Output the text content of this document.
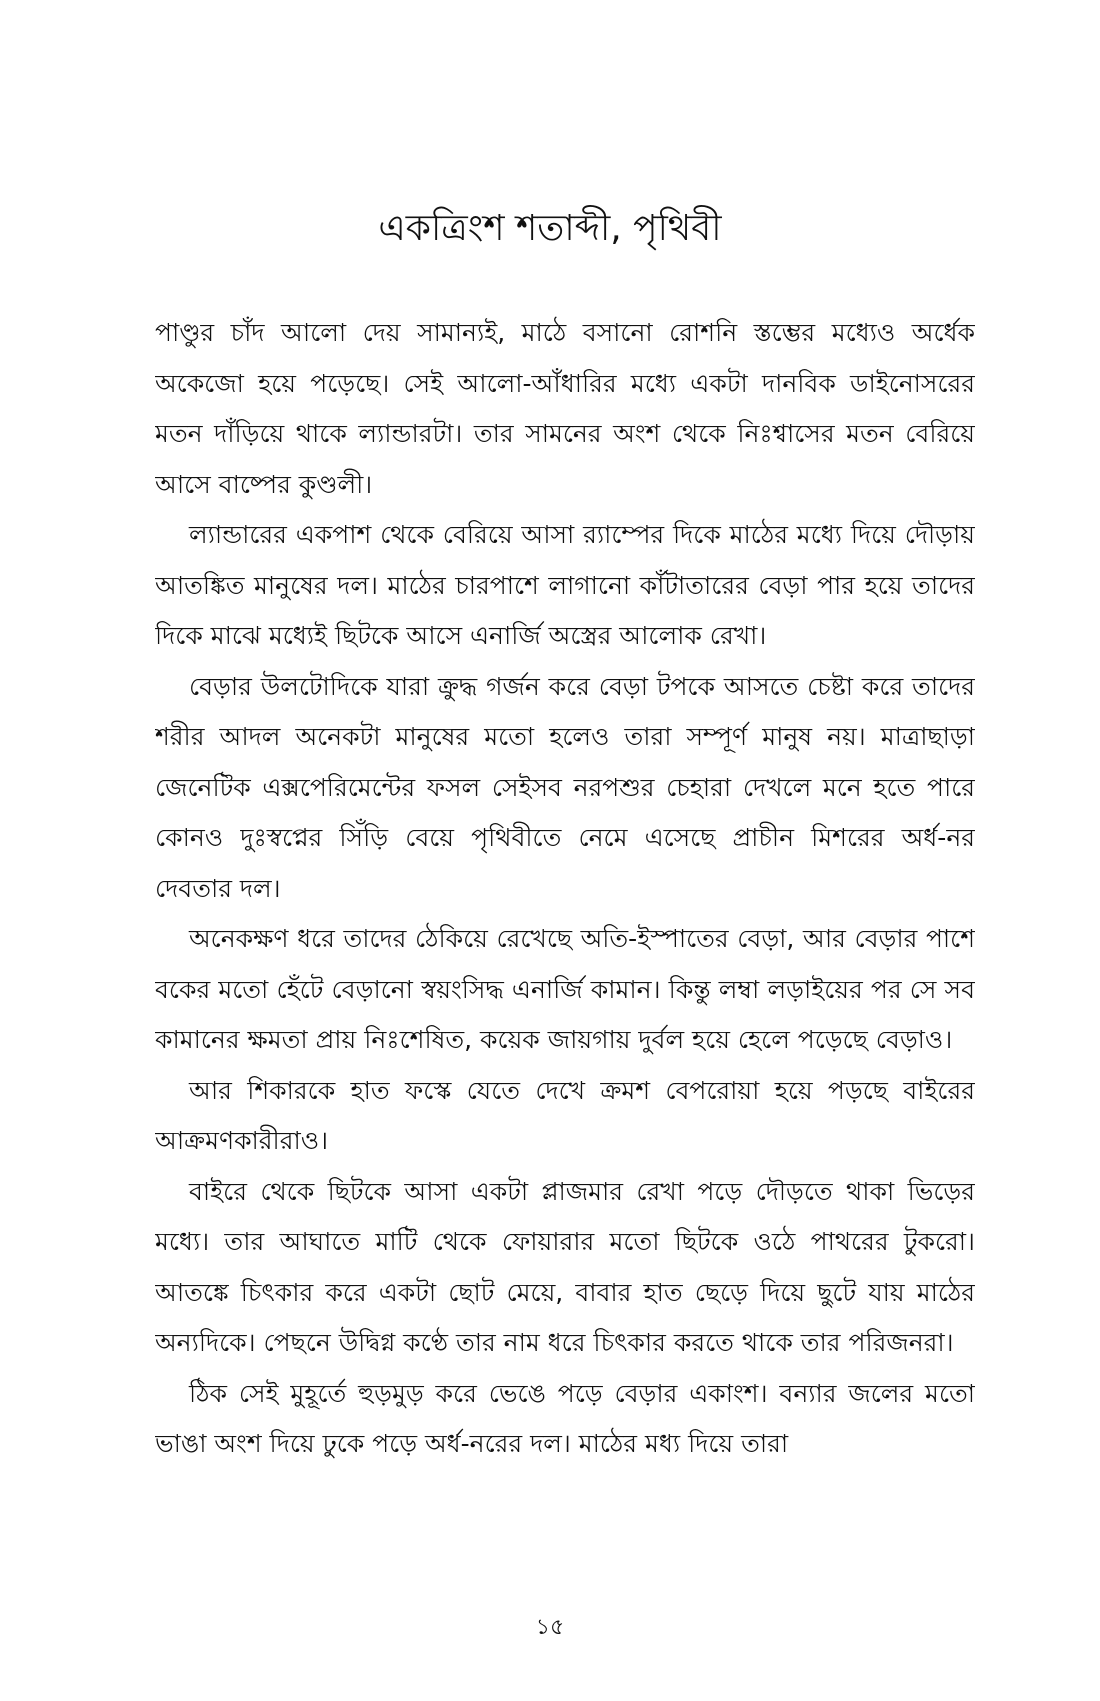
একত্রিংশ শতাব্দী, পৃথিবী

পাণ্ডুর চাঁদ আলো দেয় সামান্যই, মাঠে বসানো রোশনি স্তম্ভের মধ্যেও অর্ধেক অকেজো হয়ে পড়েছে। সেই আলো-আঁধারির মধ্যে একটা দানবিক ডাইনোসরের মতন দাঁড়িয়ে থাকে ল্যান্ডারটা। তার সামনের অংশ থেকে নিঃশ্বাসের মতন বেরিয়ে আসে বাষ্পের কুণ্ডলী।

ল্যান্ডারের একপাশ থেকে বেরিয়ে আসা র‍্যাম্পের দিকে মাঠের মধ্যে দিয়ে দৌড়ায় আতঙ্কিত মানুষের দল। মাঠের চারপাশে লাগানো কাঁটাতারের বেড়া পার হয়ে তাদের দিকে মাঝে মধ্যেই ছিটকে আসে এনার্জি অস্ত্রের আলোক রেখা।

বেড়ার উলটোদিকে যারা ক্রুদ্ধ গর্জন করে বেড়া টপকে আসতে চেষ্টা করে তাদের শরীর আদল অনেকটা মানুষের মতো হলেও তারা সম্পূর্ণ মানুষ নয়। মাত্রাছাড়া জেনেটিক এক্সপেরিমেন্টের ফসল সেইসব নরপশুর চেহারা দেখলে মনে হতে পারে কোনও দুঃস্বপ্নের সিঁড়ি বেয়ে পৃথিবীতে নেমে এসেছে প্রাচীন মিশরের অর্ধ-নর দেবতার দল।

অনেকক্ষণ ধরে তাদের ঠেকিয়ে রেখেছে অতি-ইস্পাতের বেড়া, আর বেড়ার পাশে বকের মতো হেঁটে বেড়ানো স্বয়ংসিদ্ধ এনার্জি কামান। কিন্তু লম্বা লড়াইয়ের পর সে সব কামানের ক্ষমতা প্রায় নিঃশেষিত, কয়েক জায়গায় দুর্বল হয়ে হেলে পড়েছে বেড়াও।

আর শিকারকে হাত ফস্কে যেতে দেখে ক্রমশ বেপরোয়া হয়ে পড়ছে বাইরের আক্রমণকারীরাও।

বাইরে থেকে ছিটকে আসা একটা প্লাজমার রেখা পড়ে দৌড়তে থাকা ভিড়ের মধ্যে। তার আঘাতে মাটি থেকে ফোয়ারার মতো ছিটকে ওঠে পাথরের টুকরো। আতঙ্কে চিৎকার করে একটা ছোট মেয়ে, বাবার হাত ছেড়ে দিয়ে ছুটে যায় মাঠের অন্যদিকে। পেছনে উদ্বিগ্ন কণ্ঠে তার নাম ধরে চিৎকার করতে থাকে তার পরিজনরা।

ঠিক সেই মুহূর্তে হুড়মুড় করে ভেঙে পড়ে বেড়ার একাংশ। বন্যার জলের মতো ভাঙা অংশ দিয়ে ঢুকে পড়ে অর্ধ-নরের দল। মাঠের মধ্য দিয়ে তারা

১৫
